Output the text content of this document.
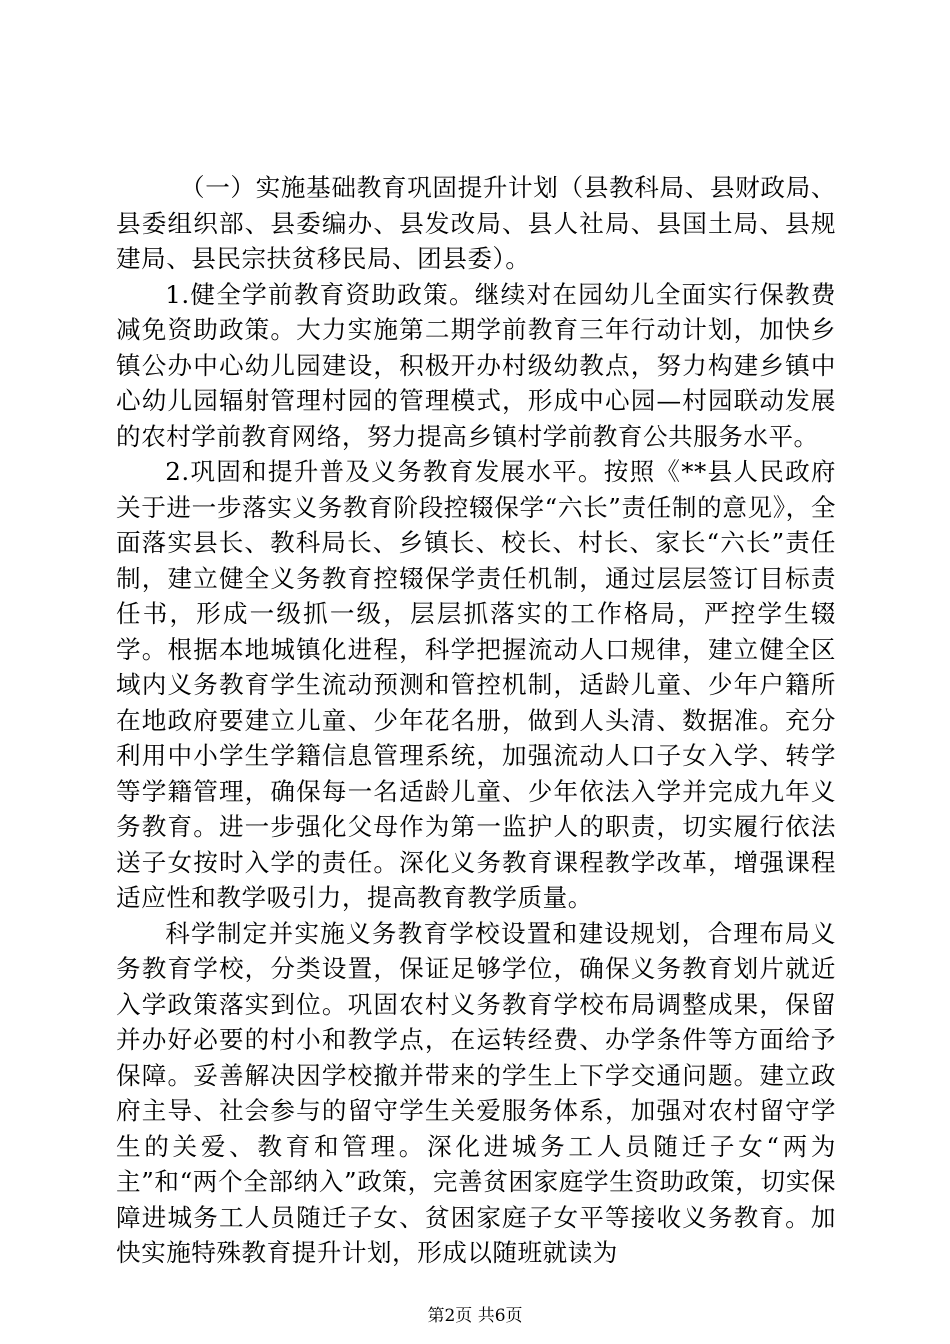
（一）实施基础教育巩固提升计划（县教科局、县财政局、县委组织部、县委编办、县发改局、县人社局、县国土局、县规建局、县民宗扶贫移民局、团县委）。

1.健全学前教育资助政策。继续对在园幼儿全面实行保教费减免资助政策。大力实施第二期学前教育三年行动计划，加快乡镇公办中心幼儿园建设，积极开办村级幼教点，努力构建乡镇中心幼儿园辐射管理村园的管理模式，形成中心园—村园联动发展的农村学前教育网络，努力提高乡镇村学前教育公共服务水平。

2.巩固和提升普及义务教育发展水平。按照《**县人民政府关于进一步落实义务教育阶段控辍保学“六长”责任制的意见》，全面落实县长、教科局长、乡镇长、校长、村长、家长“六长”责任制，建立健全义务教育控辍保学责任机制，通过层层签订目标责任书，形成一级抓一级，层层抓落实的工作格局，严控学生辍学。根据本地城镇化进程，科学把握流动人口规律，建立健全区域内义务教育学生流动预测和管控机制，适龄儿童、少年户籍所在地政府要建立儿童、少年花名册，做到人头清、数据准。充分利用中小学生学籍信息管理系统，加强流动人口子女入学、转学等学籍管理，确保每一名适龄儿童、少年依法入学并完成九年义务教育。进一步强化父母作为第一监护人的职责，切实履行依法送子女按时入学的责任。深化义务教育课程教学改革，增强课程适应性和教学吸引力，提高教育教学质量。

科学制定并实施义务教育学校设置和建设规划，合理布局义务教育学校，分类设置，保证足够学位，确保义务教育划片就近入学政策落实到位。巩固农村义务教育学校布局调整成果，保留并办好必要的村小和教学点，在运转经费、办学条件等方面给予保障。妥善解决因学校撤并带来的学生上下学交通问题。建立政府主导、社会参与的留守学生关爱服务体系，加强对农村留守学生的关爱、教育和管理。深化进城务工人员随迁子女“两为主”和“两个全部纳入”政策，完善贫困家庭学生资助政策，切实保障进城务工人员随迁子女、贫困家庭子女平等接收义务教育。加快实施特殊教育提升计划，形成以随班就读为

第2页 共6页
